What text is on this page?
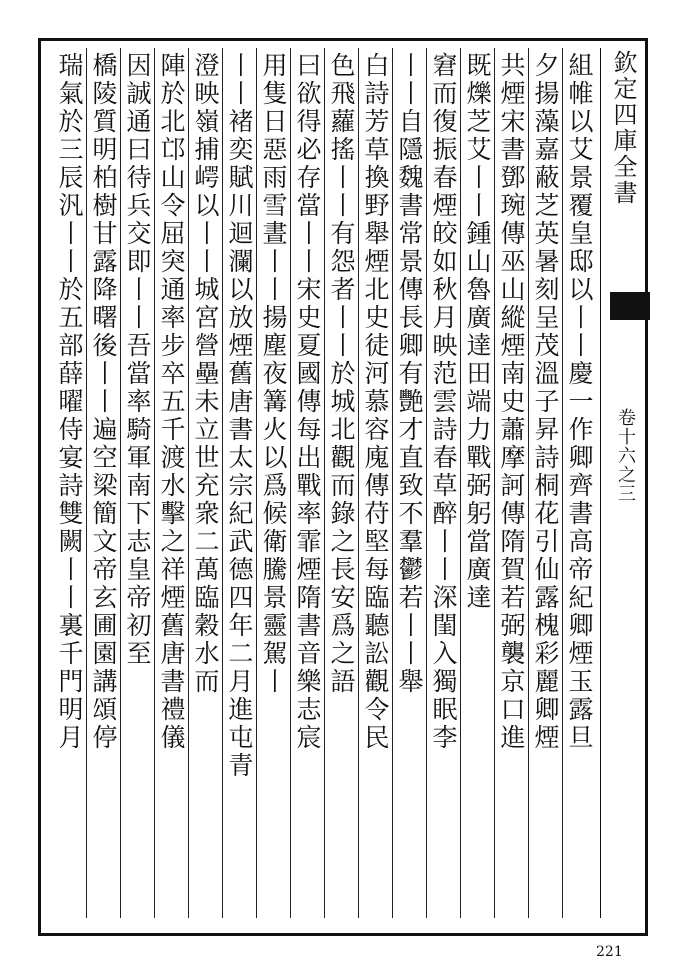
欽定四庫全書
卷十六之三
組帷以艾景覆皇邸以丨丨慶一作卿齊書高帝紀卿煙玉露旦
夕揚藻嘉蔽芝英暑刻呈茂溫子昇詩桐花引仙露槐彩麗卿煙
共煙宋書鄧琬傳巫山縱煙南史蕭摩訶傳隋賀若弼襲京口進
既爍芝艾丨丨鍾山魯廣達田端力戰弼躬當廣達
窘而復振春煙皎如秋月映范雲詩春草醉丨丨深閨入獨眠李
丨丨自隱魏書常景傳長卿有艷才直致不羣鬱若丨丨舉
白詩芳草換野舉煙北史徒河慕容廆傳苻堅每臨聽訟觀令民
色飛蘿搖丨丨有怨者丨丨於城北觀而錄之長安爲之語
曰欲得必存當丨丨宋史夏國傳每出戰率霏煙隋書音樂志宸
用隻日惡雨雪晝丨丨揚塵夜篝火以爲候衛騰景靈駕丨
丨丨褚奕賦川迴瀾以放煙舊唐書太宗紀武德四年二月進屯青
澄映嶺捕崿以丨丨城宮營壘未立世充衆二萬臨穀水而
陣於北邙山令屈突通率步卒五千渡水擊之祥煙舊唐書禮儀
因誠通曰待兵交即丨丨吾當率騎軍南下志皇帝初至
橋陵質明柏樹甘露降曙後丨丨遍空梁簡文帝玄圃園講頌停
瑞氣於三辰汎丨丨於五部薛曜侍宴詩雙闕丨丨裏千門明月
221
